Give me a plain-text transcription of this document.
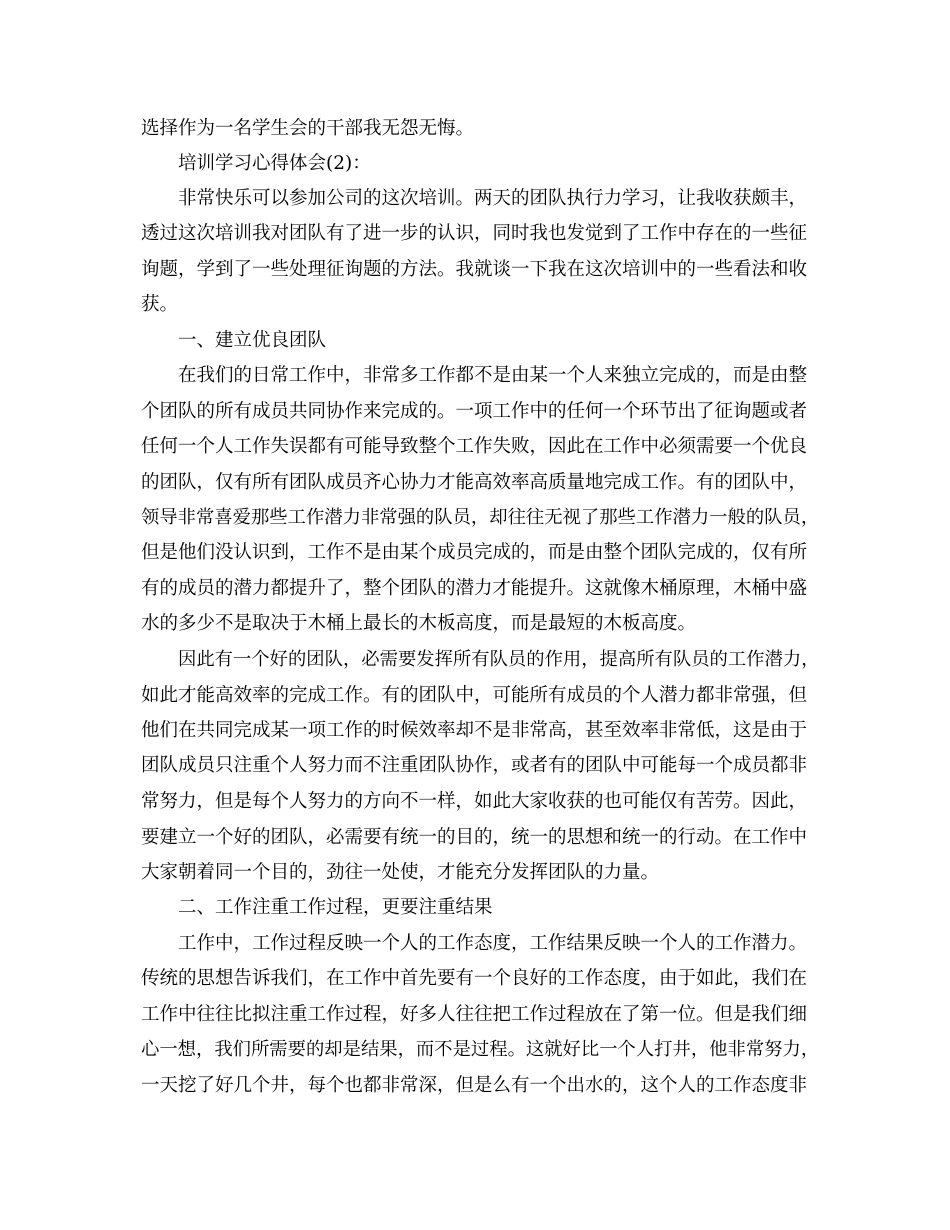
选择作为一名学生会的干部我无怨无悔。
培训学习心得体会(2)：
非常快乐可以参加公司的这次培训。两天的团队执行力学习，让我收获颇丰，
透过这次培训我对团队有了进一步的认识，同时我也发觉到了工作中存在的一些征
询题，学到了一些处理征询题的方法。我就谈一下我在这次培训中的一些看法和收
获。
一、建立优良团队
在我们的日常工作中，非常多工作都不是由某一个人来独立完成的，而是由整
个团队的所有成员共同协作来完成的。一项工作中的任何一个环节出了征询题或者
任何一个人工作失误都有可能导致整个工作失败，因此在工作中必须需要一个优良
的团队，仅有所有团队成员齐心协力才能高效率高质量地完成工作。有的团队中，
领导非常喜爱那些工作潜力非常强的队员，却往往无视了那些工作潜力一般的队员，
但是他们没认识到，工作不是由某个成员完成的，而是由整个团队完成的，仅有所
有的成员的潜力都提升了，整个团队的潜力才能提升。这就像木桶原理，木桶中盛
水的多少不是取决于木桶上最长的木板高度，而是最短的木板高度。
因此有一个好的团队，必需要发挥所有队员的作用，提高所有队员的工作潜力，
如此才能高效率的完成工作。有的团队中，可能所有成员的个人潜力都非常强，但
他们在共同完成某一项工作的时候效率却不是非常高，甚至效率非常低，这是由于
团队成员只注重个人努力而不注重团队协作，或者有的团队中可能每一个成员都非
常努力，但是每个人努力的方向不一样，如此大家收获的也可能仅有苦劳。因此，
要建立一个好的团队，必需要有统一的目的，统一的思想和统一的行动。在工作中
大家朝着同一个目的，劲往一处使，才能充分发挥团队的力量。
二、工作注重工作过程，更要注重结果
工作中，工作过程反映一个人的工作态度，工作结果反映一个人的工作潜力。
传统的思想告诉我们，在工作中首先要有一个良好的工作态度，由于如此，我们在
工作中往往比拟注重工作过程，好多人往往把工作过程放在了第一位。但是我们细
心一想，我们所需要的却是结果，而不是过程。这就好比一个人打井，他非常努力，
一天挖了好几个井，每个也都非常深，但是么有一个出水的，这个人的工作态度非
